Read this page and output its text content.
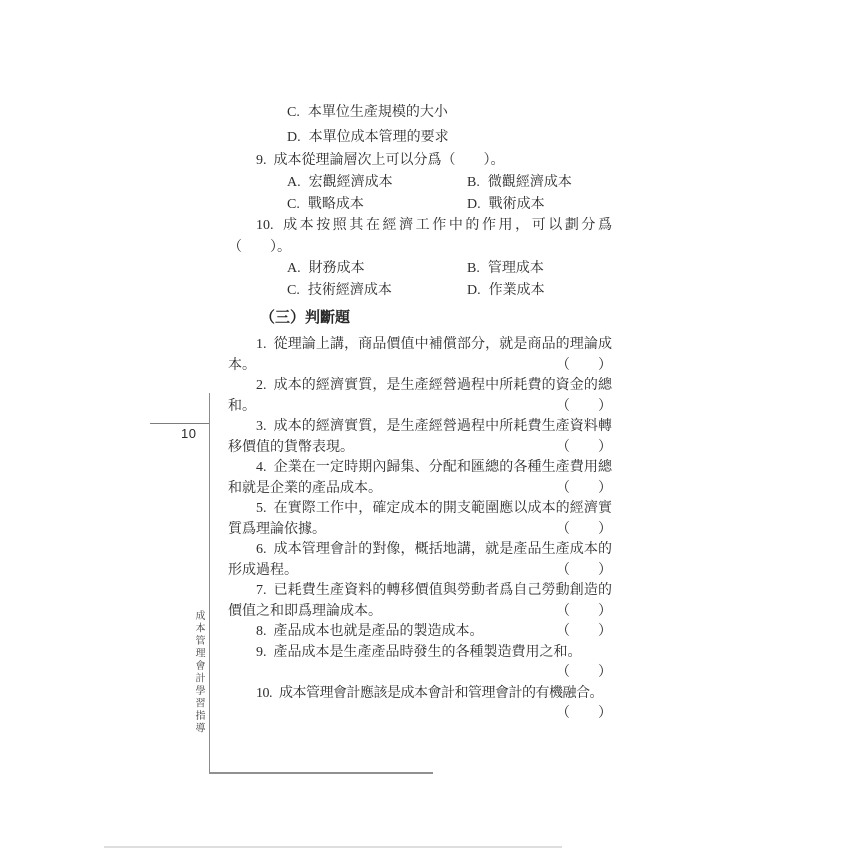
10
成本管理會計學習指導
C. 本單位生產規模的大小
D. 本單位成本管理的要求

9. 成本從理論層次上可以分爲（　　）。

A. 宏觀經濟成本	B. 微觀經濟成本
C. 戰略成本	D. 戰術成本

10. 成本按照其在經濟工作中的作用，可以劃分爲（　　）。

A. 財務成本	B. 管理成本
C. 技術經濟成本	D. 作業成本
（三）判斷題

1. 從理論上講，商品價值中補償部分，就是商品的理論成本。	（　　）

2. 成本的經濟實質，是生產經營過程中所耗費的資金的總和。	（　　）

3. 成本的經濟實質，是生產經營過程中所耗費生產資料轉移價值的貨幣表現。	（　　）

4. 企業在一定時期內歸集、分配和匯總的各種生產費用總和就是企業的產品成本。	（　　）

5. 在實際工作中，確定成本的開支範圍應以成本的經濟實質爲理論依據。	（　　）

6. 成本管理會計的對像，概括地講，就是產品生產成本的形成過程。	（　　）

7. 已耗費生產資料的轉移價值與勞動者爲自己勞動創造的價值之和即爲理論成本。	（　　）

8. 產品成本也就是產品的製造成本。	（　　）

9. 產品成本是生產產品時發生的各種製造費用之和。
（　　）

10. 成本管理會計應該是成本會計和管理會計的有機融合。
（　　）
